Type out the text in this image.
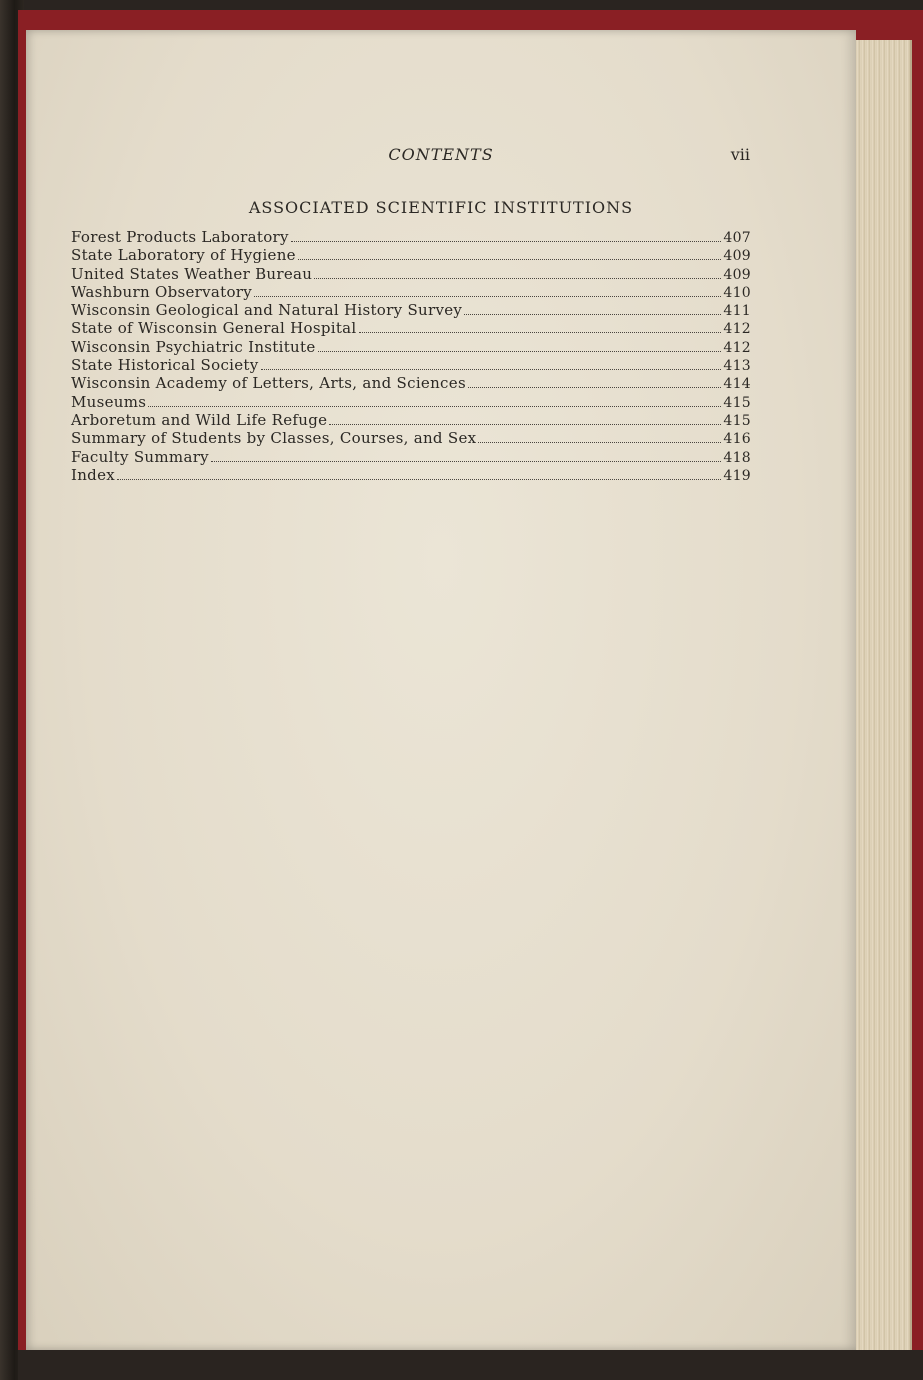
CONTENTS	vii
ASSOCIATED SCIENTIFIC INSTITUTIONS
Forest Products Laboratory	407
State Laboratory of Hygiene	409
United States Weather Bureau	409
Washburn Observatory	410
Wisconsin Geological and Natural History Survey	411
State of Wisconsin General Hospital	412
Wisconsin Psychiatric Institute	412
State Historical Society	413
Wisconsin Academy of Letters, Arts, and Sciences	414
Museums	415
Arboretum and Wild Life Refuge	415
Summary of Students by Classes, Courses, and Sex	416
Faculty Summary	418
Index	419
